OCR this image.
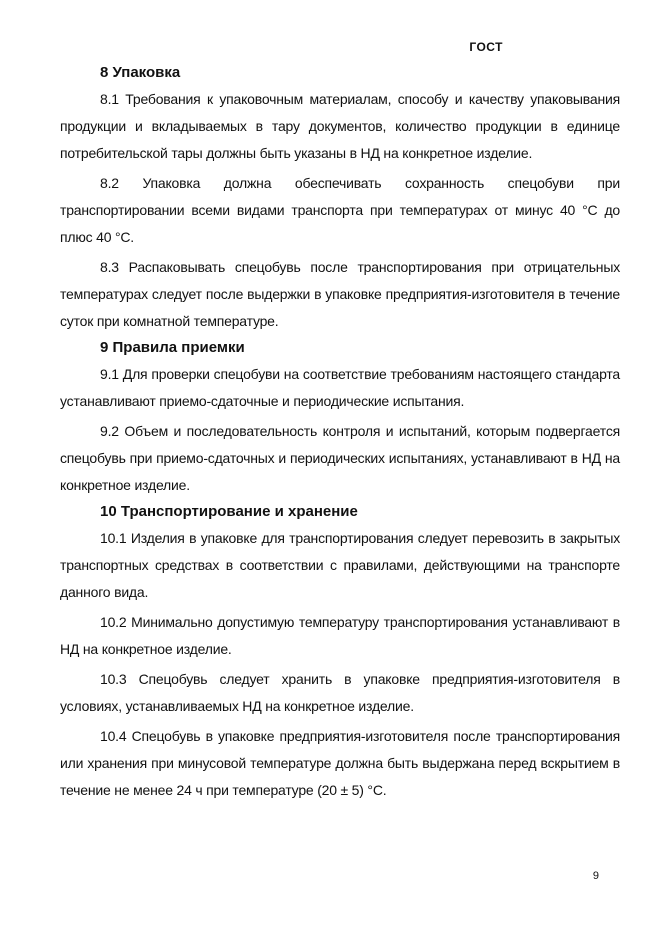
ГОСТ
8 Упаковка

8.1 Требования к упаковочным материалам, способу и качеству упаковывания продукции и вкладываемых в тару документов, количество продукции в единице потребительской тары должны быть указаны в НД на конкретное изделие.

8.2 Упаковка должна обеспечивать сохранность спецобуви при транспортировании всеми видами транспорта при температурах от минус 40 °С до плюс 40 °С.

8.3 Распаковывать спецобувь после транспортирования при отрицательных температурах следует после выдержки в упаковке предприятия-изготовителя в течение суток при комнатной температуре.

9 Правила приемки

9.1 Для проверки спецобуви на соответствие требованиям настоящего стандарта устанавливают приемо-сдаточные и периодические испытания.

9.2 Объем и последовательность контроля и испытаний, которым подвергается спецобувь при приемо-сдаточных и периодических испытаниях, устанавливают в НД на конкретное изделие.

10 Транспортирование и хранение

10.1 Изделия в упаковке для транспортирования следует перевозить в закрытых транспортных средствах в соответствии с правилами, действующими на транспорте данного вида.

10.2 Минимально допустимую температуру транспортирования устанавливают в НД на конкретное изделие.

10.3 Спецобувь следует хранить в упаковке предприятия-изготовителя в условиях, устанавливаемых НД на конкретное изделие.

10.4 Спецобувь в упаковке предприятия-изготовителя после транспортирования или хранения при минусовой температуре должна быть выдержана перед вскрытием в течение не менее 24 ч при температуре (20 ± 5) °С.

9
